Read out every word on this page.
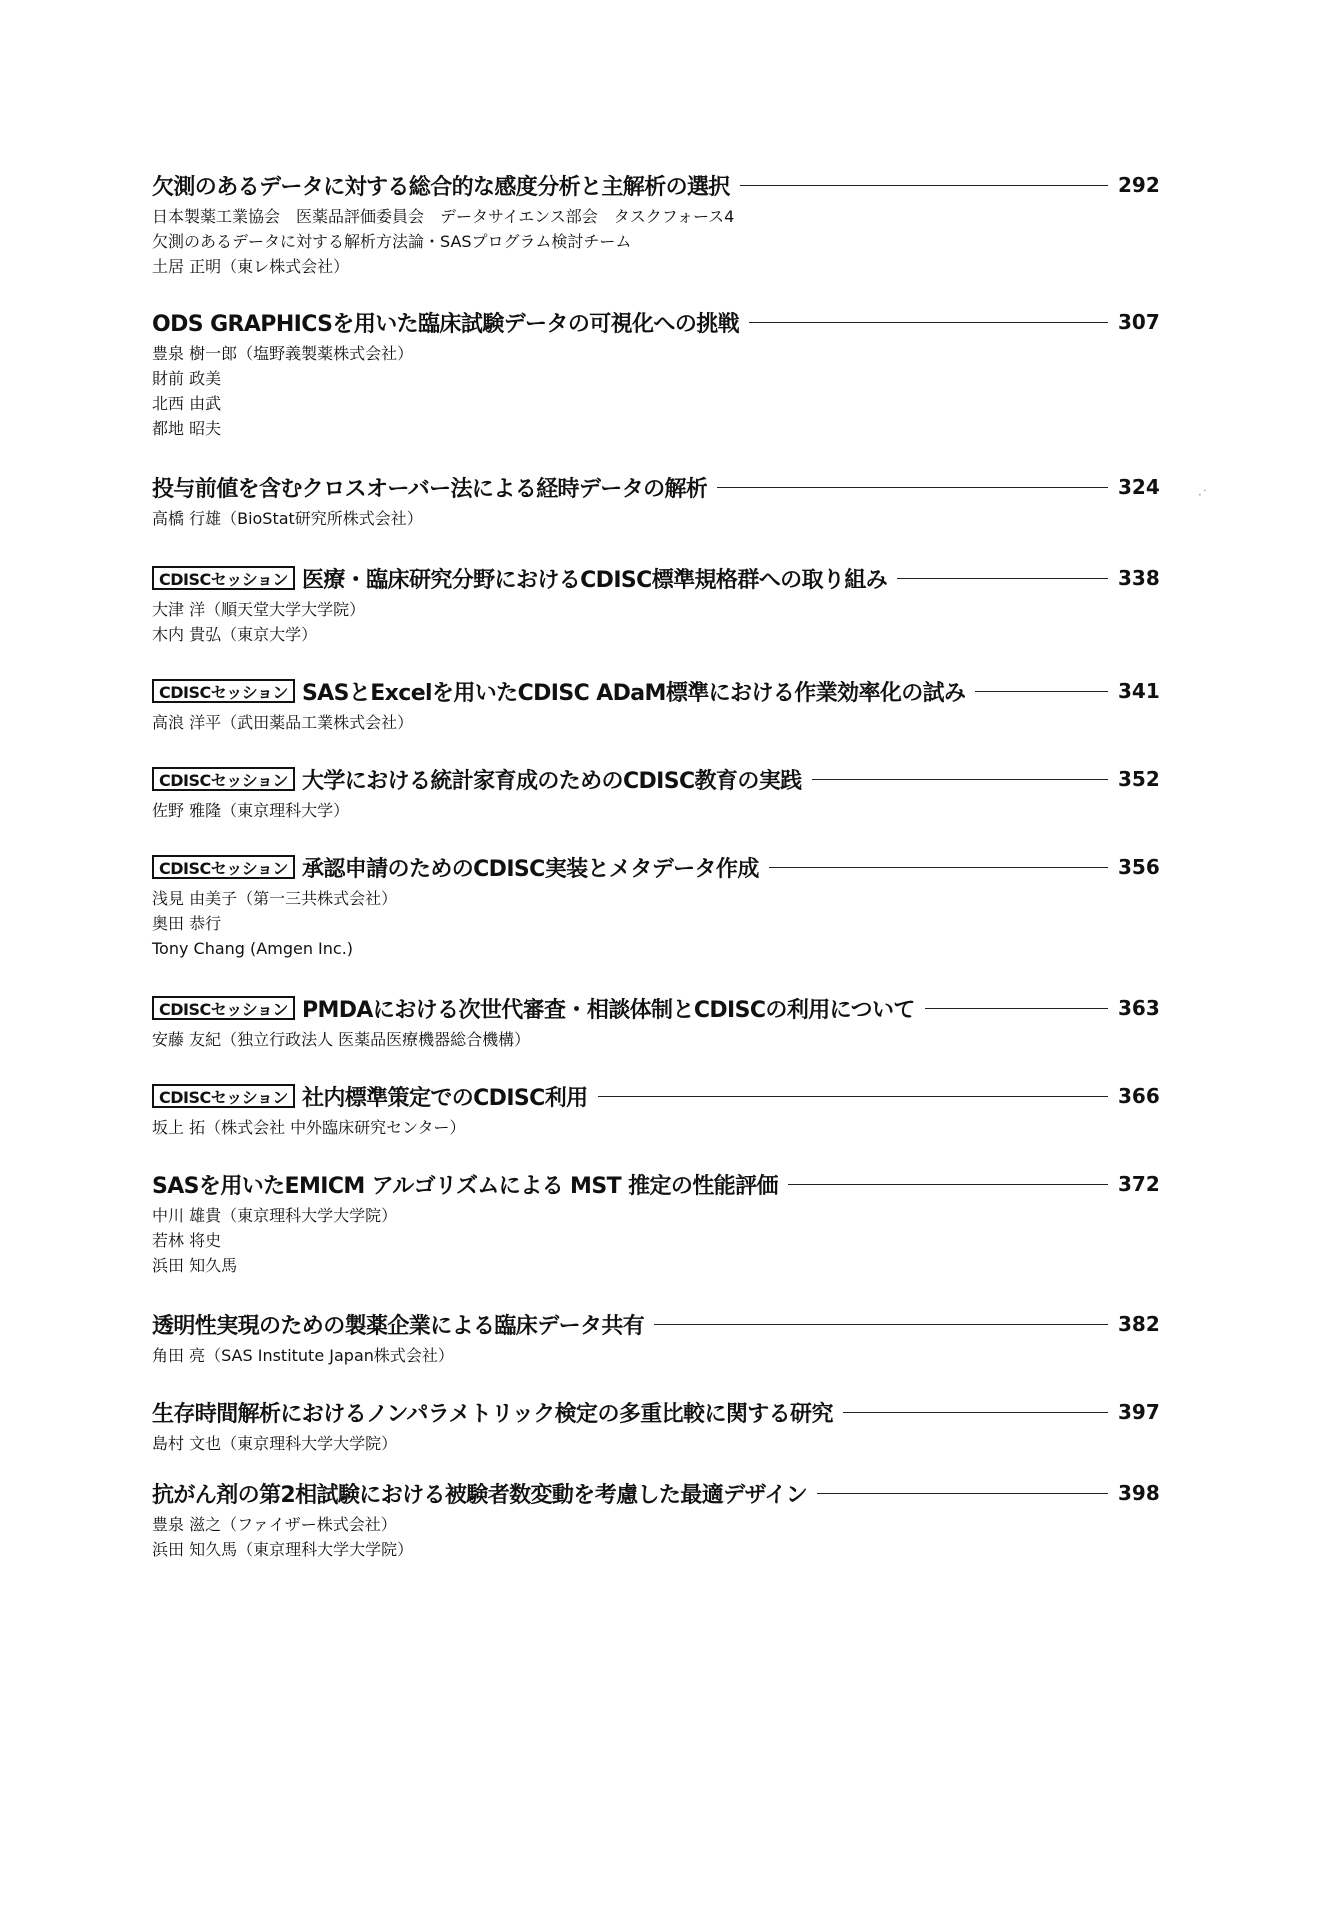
欠測のあるデータに対する総合的な感度分析と主解析の選択	292
日本製薬工業協会　医薬品評価委員会　データサイエンス部会　タスクフォース4
欠測のあるデータに対する解析方法論・SASプログラム検討チーム
土居 正明（東レ株式会社）
ODS GRAPHICSを用いた臨床試験データの可視化への挑戦	307
豊泉 樹一郎（塩野義製薬株式会社）
財前 政美
北西 由武
都地 昭夫
投与前値を含むクロスオーバー法による経時データの解析	324
高橋 行雄（BioStat研究所株式会社）
CDISCセッション 医療・臨床研究分野におけるCDISC標準規格群への取り組み	338
大津 洋（順天堂大学大学院）
木内 貴弘（東京大学）
CDISCセッション SASとExcelを用いたCDISC ADaM標準における作業効率化の試み	341
高浪 洋平（武田薬品工業株式会社）
CDISCセッション 大学における統計家育成のためのCDISC教育の実践	352
佐野 雅隆（東京理科大学）
CDISCセッション 承認申請のためのCDISC実装とメタデータ作成	356
浅見 由美子（第一三共株式会社）
奥田 恭行
Tony Chang (Amgen Inc.)
CDISCセッション PMDAにおける次世代審査・相談体制とCDISCの利用について	363
安藤 友紀（独立行政法人 医薬品医療機器総合機構）
CDISCセッション 社内標準策定でのCDISC利用	366
坂上 拓（株式会社 中外臨床研究センター）
SASを用いたEMICM アルゴリズムによる MST 推定の性能評価	372
中川 雄貴（東京理科大学大学院）
若林 将史
浜田 知久馬
透明性実現のための製薬企業による臨床データ共有	382
角田 亮（SAS Institute Japan株式会社）
生存時間解析におけるノンパラメトリック検定の多重比較に関する研究	397
島村 文也（東京理科大学大学院）
抗がん剤の第2相試験における被験者数変動を考慮した最適デザイン	398
豊泉 滋之（ファイザー株式会社）
浜田 知久馬（東京理科大学大学院）
·˙
